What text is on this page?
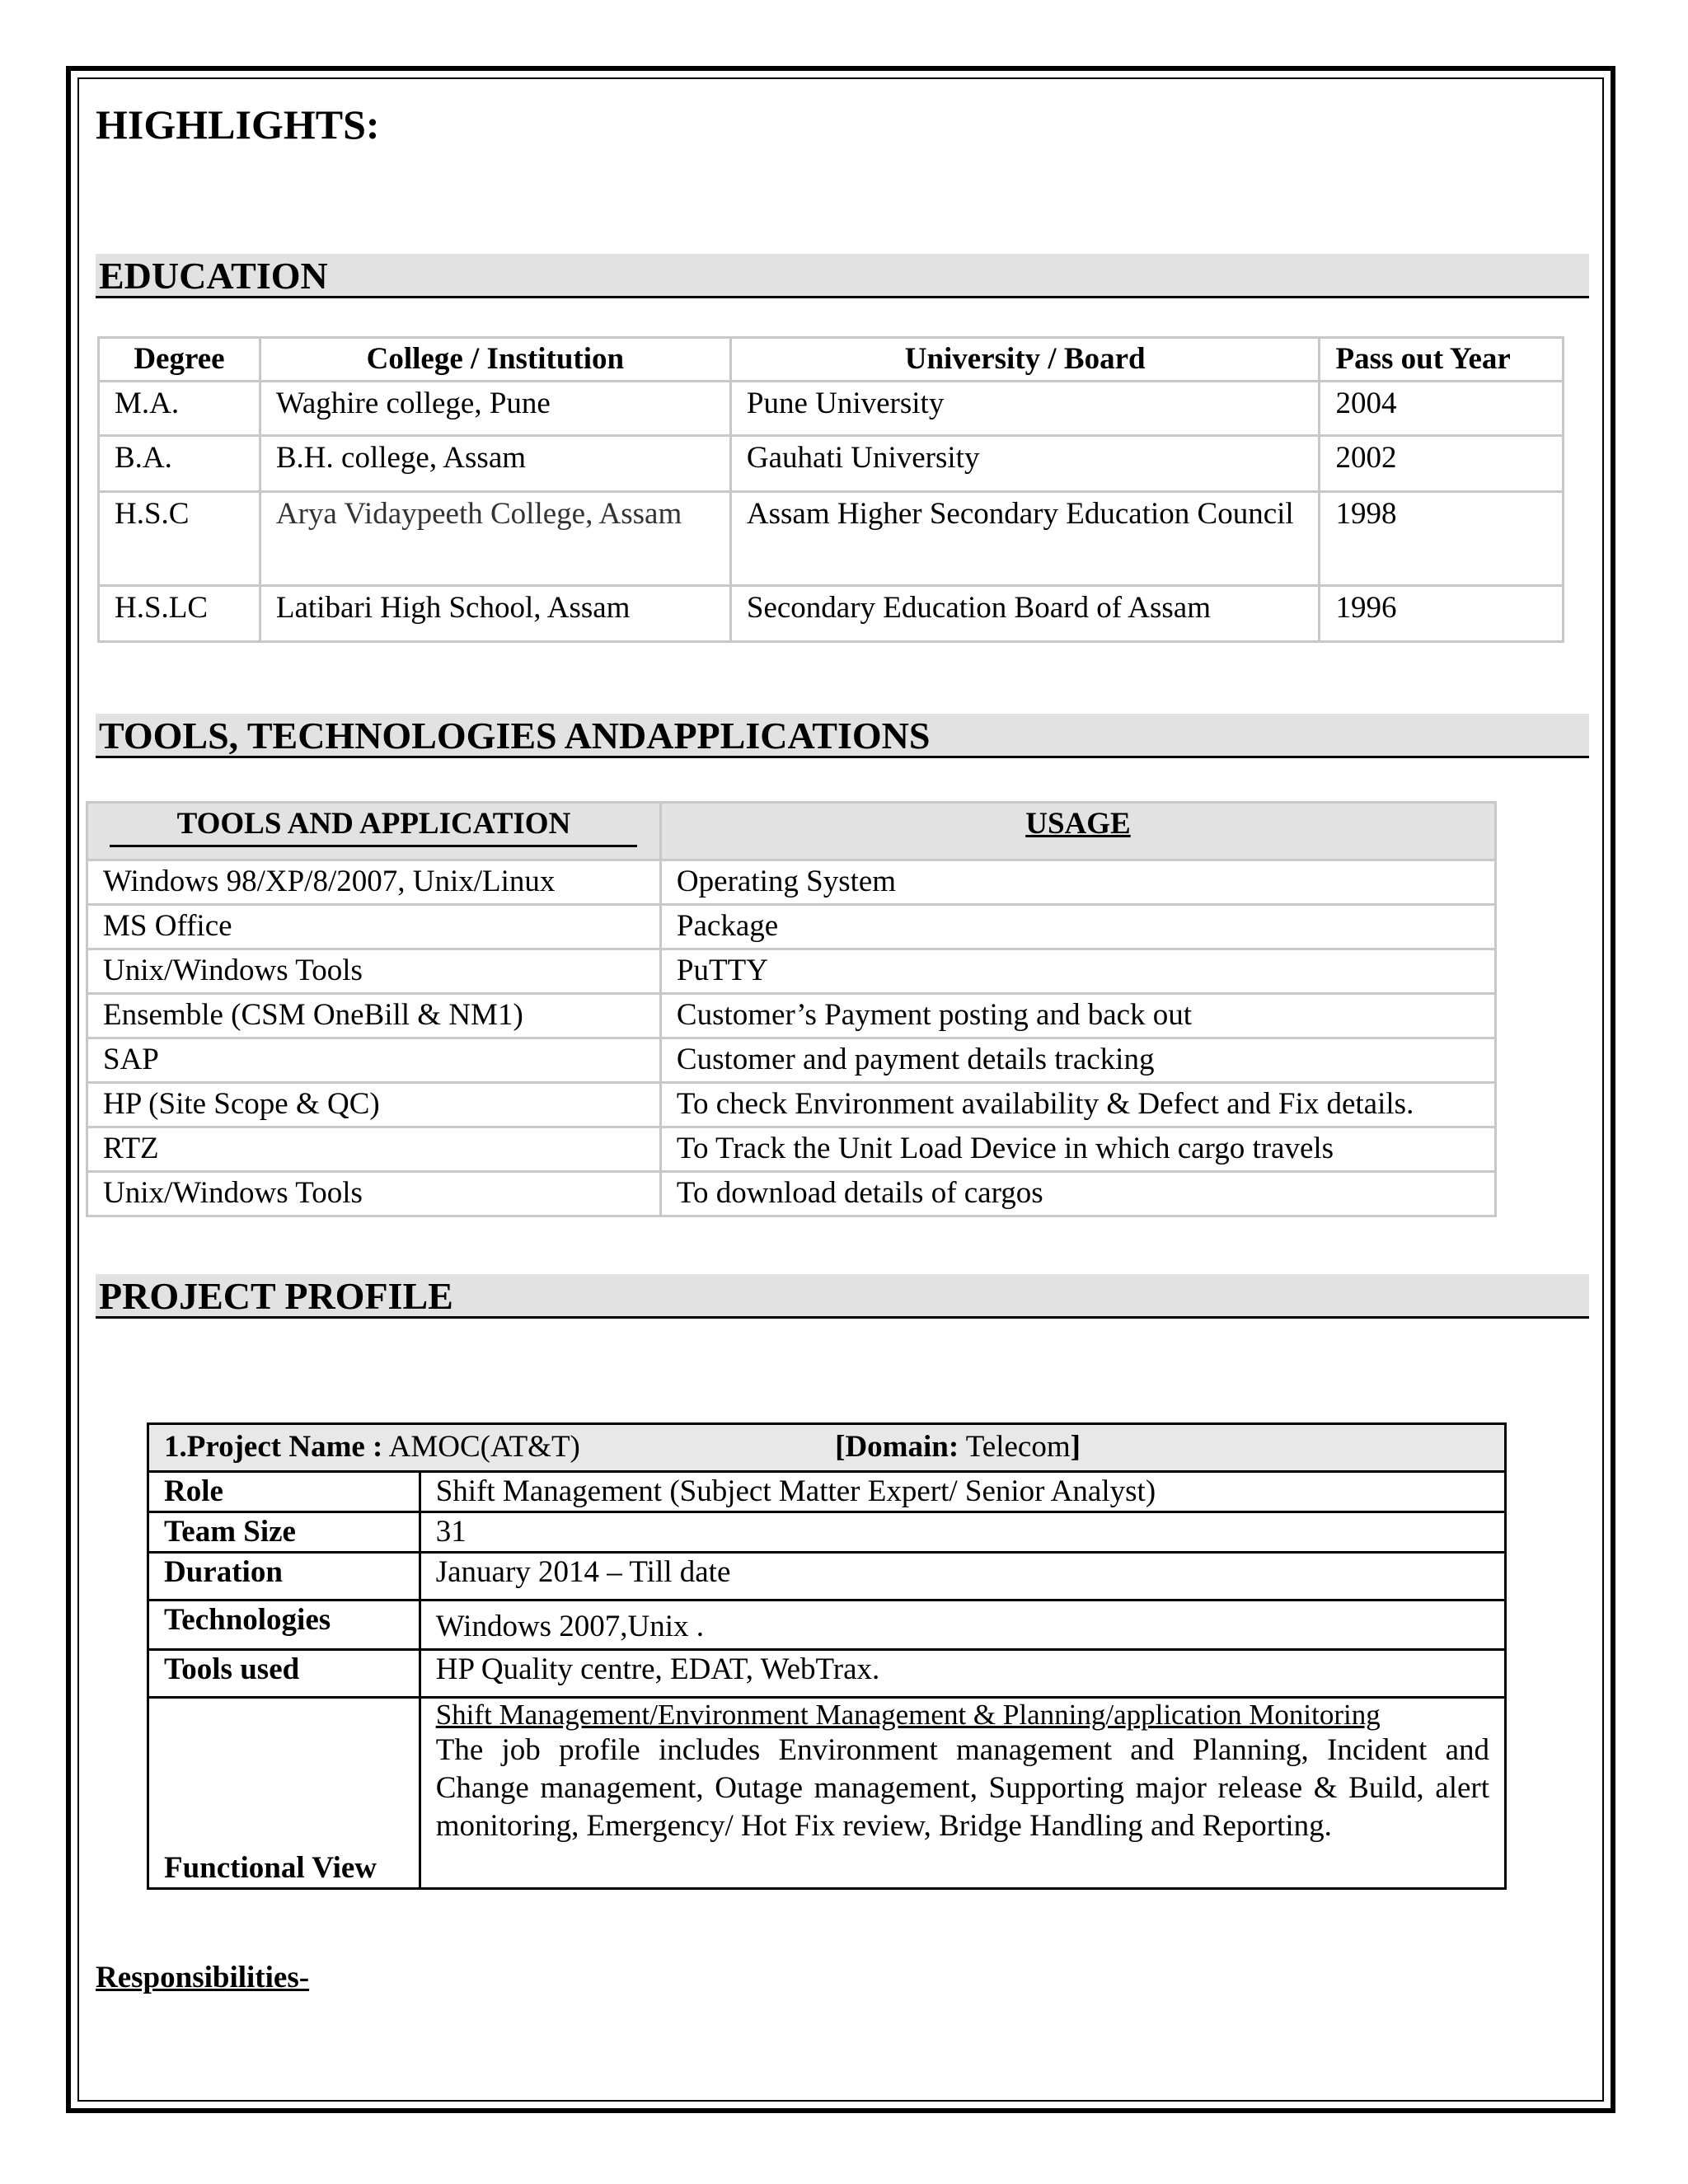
HIGHLIGHTS:
EDUCATION
Degree	College / Institution	University / Board	Pass out Year
M.A.	Waghire college, Pune	Pune University	2004
B.A.	B.H. college, Assam	Gauhati University	2002
H.S.C	Arya Vidaypeeth College, Assam	Assam Higher Secondary Education Council	1998
H.S.LC	Latibari High School, Assam	Secondary Education Board of Assam	1996
TOOLS, TECHNOLOGIES ANDAPPLICATIONS
TOOLS AND APPLICATION	USAGE
Windows 98/XP/8/2007, Unix/Linux	Operating System
MS Office	Package
Unix/Windows Tools	PuTTY
Ensemble (CSM OneBill & NM1)	Customer’s Payment posting and back out
SAP	Customer and payment details tracking
HP (Site Scope & QC)	To check Environment availability & Defect and Fix details.
RTZ	To Track the Unit Load Device in which cargo travels
Unix/Windows Tools	To download details of cargos
PROJECT PROFILE
1.Project Name : AMOC(AT&T) [Domain: Telecom]	
Role	Shift Management (Subject Matter Expert/ Senior Analyst)
Team Size	31
Duration	January 2014 – Till date
Technologies	Windows 2007,Unix .
Tools used	HP Quality centre, EDAT, WebTrax.
Functional View	Shift Management/Environment Management & Planning/application Monitoring
The job profile includes Environment management and Planning, Incident and Change management, Outage management, Supporting major release & Build, alert monitoring, Emergency/ Hot Fix review, Bridge Handling and Reporting.
Responsibilities-
